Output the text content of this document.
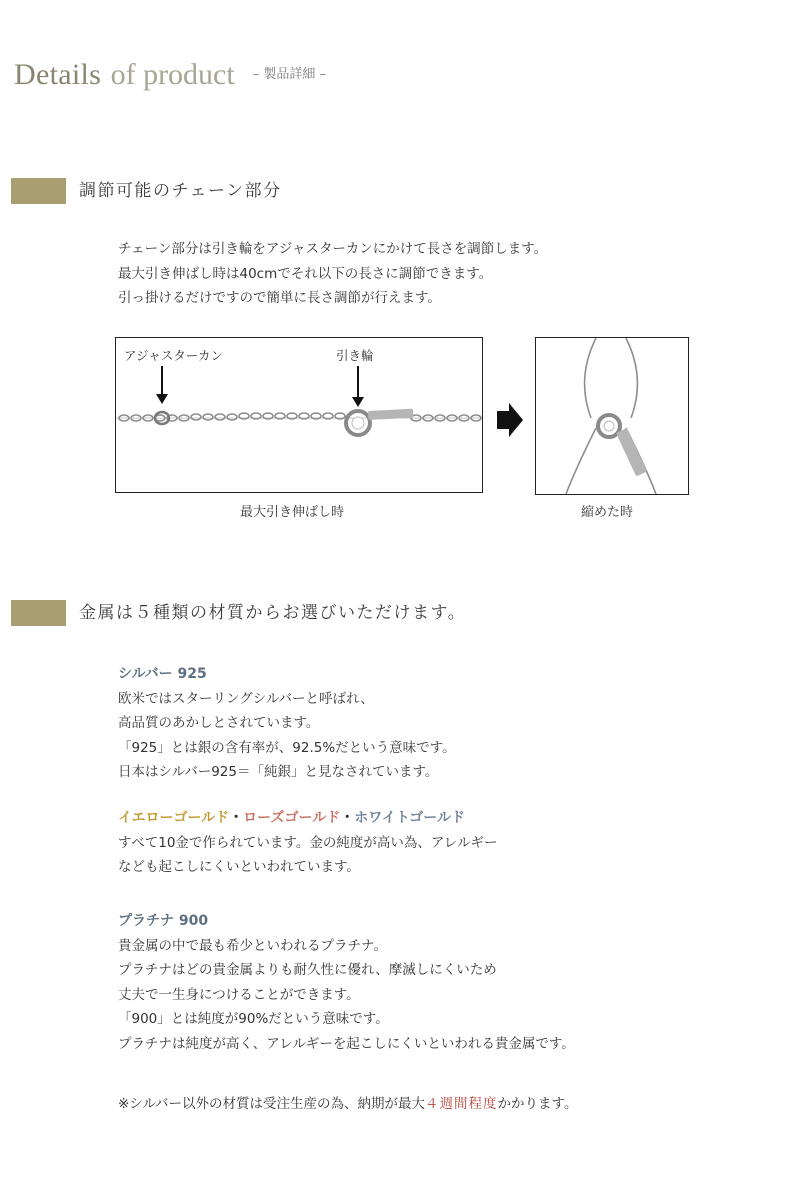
Details of product $^{- 製品詳細 -}$
調節可能のチェーン部分
チェーン部分は引き輪をアジャスターカンにかけて長さを調節します。
最大引き伸ばし時は40cmでそれ以下の長さに調節できます。
引っ掛けるだけですので簡単に長さ調節が行えます。
アジャスターカン	引き輪
最大引き伸ばし時	縮めた時
金属は５種類の材質からお選びいただけます。
シルバー 925
欧米ではスターリングシルバーと呼ばれ、
高品質のあかしとされています。
「925」とは銀の含有率が、92.5%だという意味です。
日本はシルバー925＝「純銀」と見なされています。
イエローゴールド・ローズゴールド・ホワイトゴールド
すべて10金で作られています。金の純度が高い為、アレルギー
なども起こしにくいといわれています。
プラチナ 900
貴金属の中で最も希少といわれるプラチナ。
プラチナはどの貴金属よりも耐久性に優れ、摩滅しにくいため
丈夫で一生身につけることができます。
「900」とは純度が90%だという意味です。
プラチナは純度が高く、アレルギーを起こしにくいといわれる貴金属です。
※シルバー以外の材質は受注生産の為、納期が最大４週間程度かかります。
